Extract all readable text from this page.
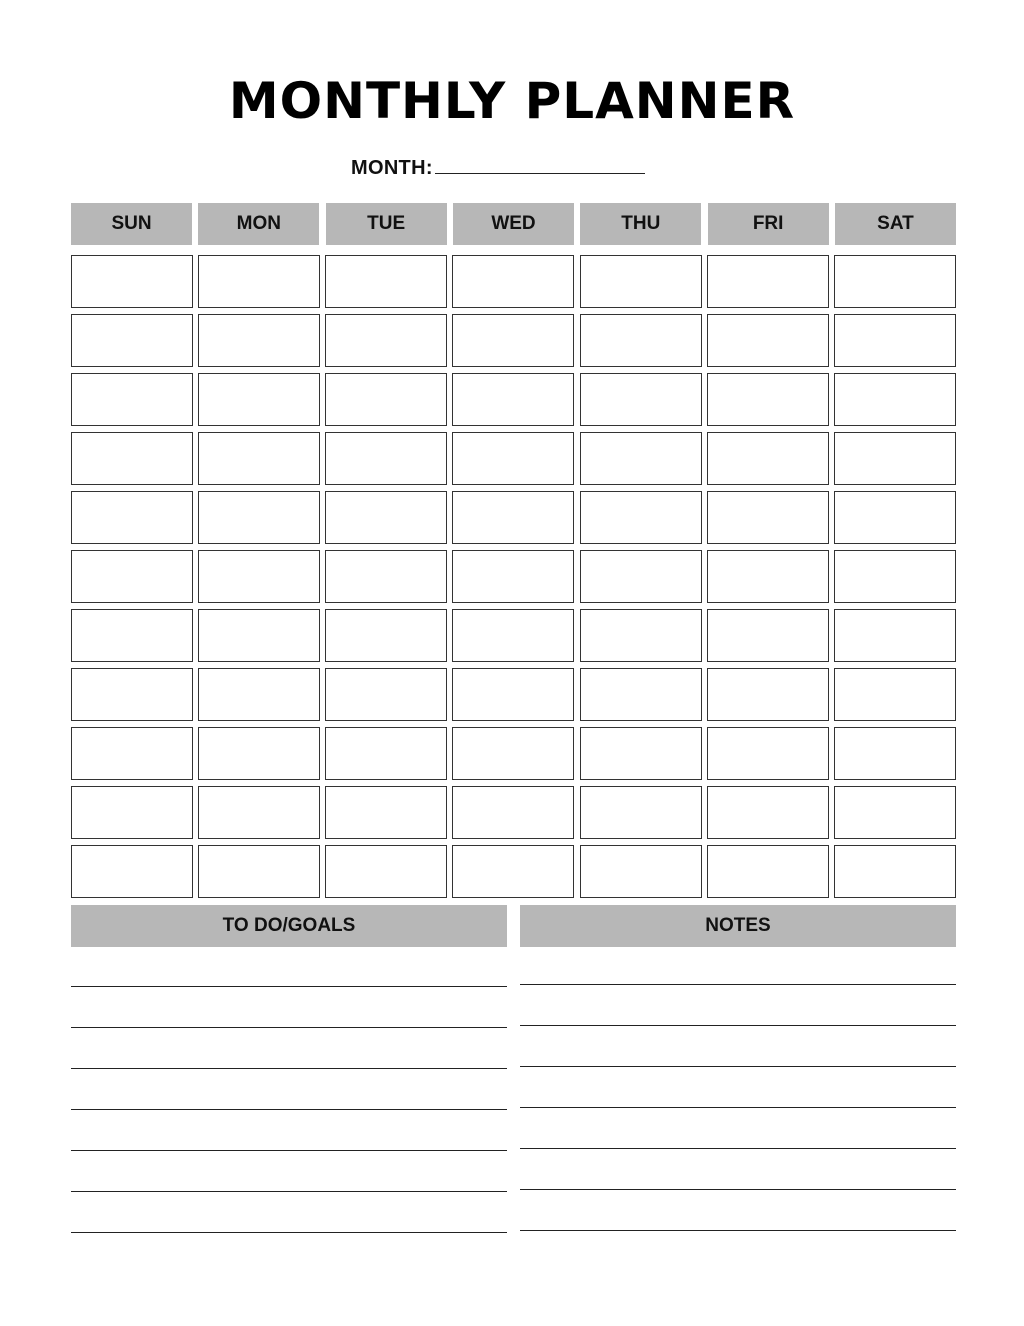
MONTHLY PLANNER
MONTH:
SUN	MON	TUE	WED	THU	FRI	SAT
TO DO/GOALS	NOTES
